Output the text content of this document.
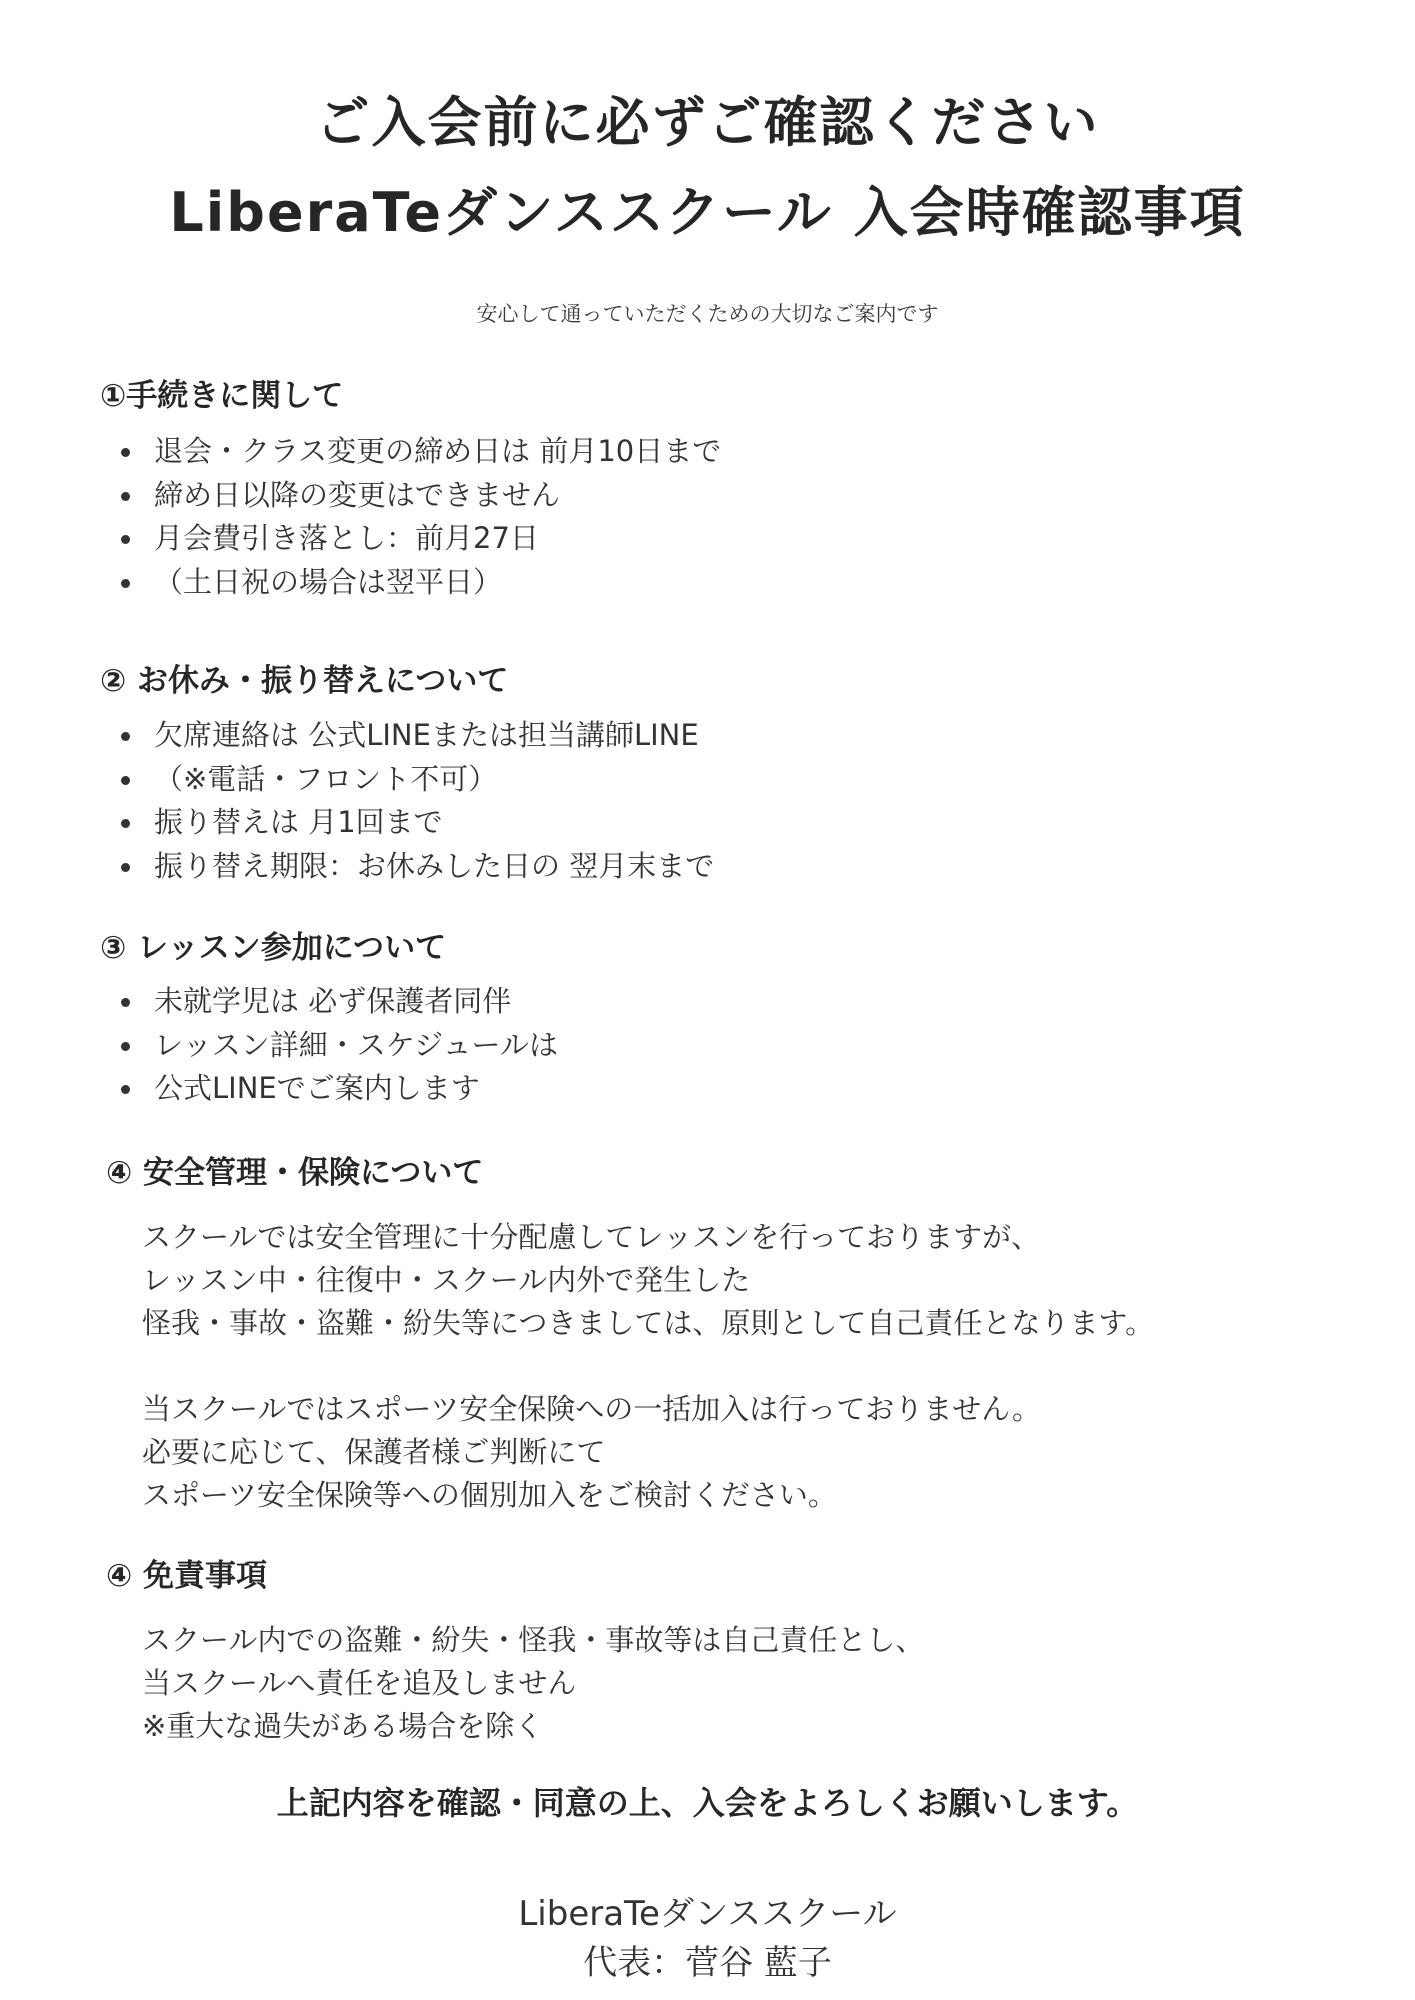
ご入会前に必ずご確認ください
LiberaTeダンススクール 入会時確認事項
安心して通っていただくための大切なご案内です
①手続きに関して
退会・クラス変更の締め日は 前月10日まで
締め日以降の変更はできません
月会費引き落とし：前月27日
（土日祝の場合は翌平日）
② お休み・振り替えについて
欠席連絡は 公式LINEまたは担当講師LINE
（※電話・フロント不可）
振り替えは 月1回まで
振り替え期限：お休みした日の 翌月末まで
③ レッスン参加について
未就学児は 必ず保護者同伴
レッスン詳細・スケジュールは
公式LINEでご案内します
④ 安全管理・保険について
スクールでは安全管理に十分配慮してレッスンを行っておりますが、
レッスン中・往復中・スクール内外で発生した
怪我・事故・盗難・紛失等につきましては、原則として自己責任となります。
当スクールではスポーツ安全保険への一括加入は行っておりません。
必要に応じて、保護者様ご判断にて
スポーツ安全保険等への個別加入をご検討ください。
④ 免責事項
スクール内での盗難・紛失・怪我・事故等は自己責任とし、
当スクールへ責任を追及しません
※重大な過失がある場合を除く
上記内容を確認・同意の上、入会をよろしくお願いします。
LiberaTeダンススクール
代表：菅谷 藍子
